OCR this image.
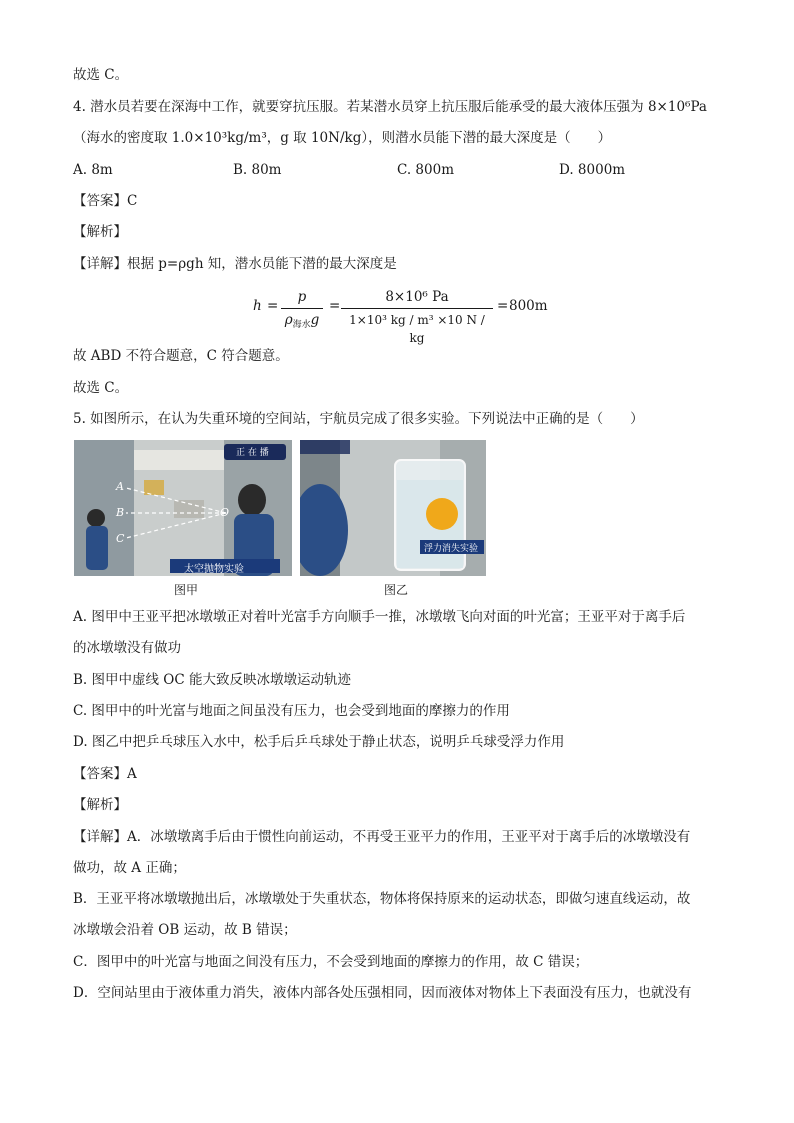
故选 C。
4. 潜水员若要在深海中工作，就要穿抗压服。若某潜水员穿上抗压服后能承受的最大液体压强为 8×10⁶Pa
（海水的密度取 1.0×10³kg/m³，g 取 10N/kg），则潜水员能下潜的最大深度是（　　）
A. 8m	B. 80m	C. 800m	D. 8000m
【答案】C
【解析】
【详解】根据 p=ρgh 知，潜水员能下潜的最大深度是
h =
p
$\rho_{海水}g$
= $\frac{\text{8×10⁶ Pa}}{\text{1×10³ kg / m³ ×10 N / kg}} = 800m$
故 ABD 不符合题意，C 符合题意。
故选 C。
5. 如图所示，在认为失重环境的空间站，宇航员完成了很多实验。下列说法中正确的是（　　）
正 在 播
太空抛物实验
A
B
C
O
图甲
浮力消失实验
图乙
A. 图甲中王亚平把冰墩墩正对着叶光富手方向顺手一推，冰墩墩飞向对面的叶光富；王亚平对于离手后
的冰墩墩没有做功
B. 图甲中虚线 OC 能大致反映冰墩墩运动轨迹
C. 图甲中的叶光富与地面之间虽没有压力，也会受到地面的摩擦力的作用
D. 图乙中把乒乓球压入水中，松手后乒乓球处于静止状态，说明乒乓球受浮力作用
【答案】A
【解析】
【详解】A．冰墩墩离手后由于惯性向前运动，不再受王亚平力的作用，王亚平对于离手后的冰墩墩没有
做功，故 A 正确；
B．王亚平将冰墩墩抛出后，冰墩墩处于失重状态，物体将保持原来的运动状态，即做匀速直线运动，故
冰墩墩会沿着 OB 运动，故 B 错误；
C．图甲中的叶光富与地面之间没有压力，不会受到地面的摩擦力的作用，故 C 错误；
D．空间站里由于液体重力消失，液体内部各处压强相同，因而液体对物体上下表面没有压力，也就没有
